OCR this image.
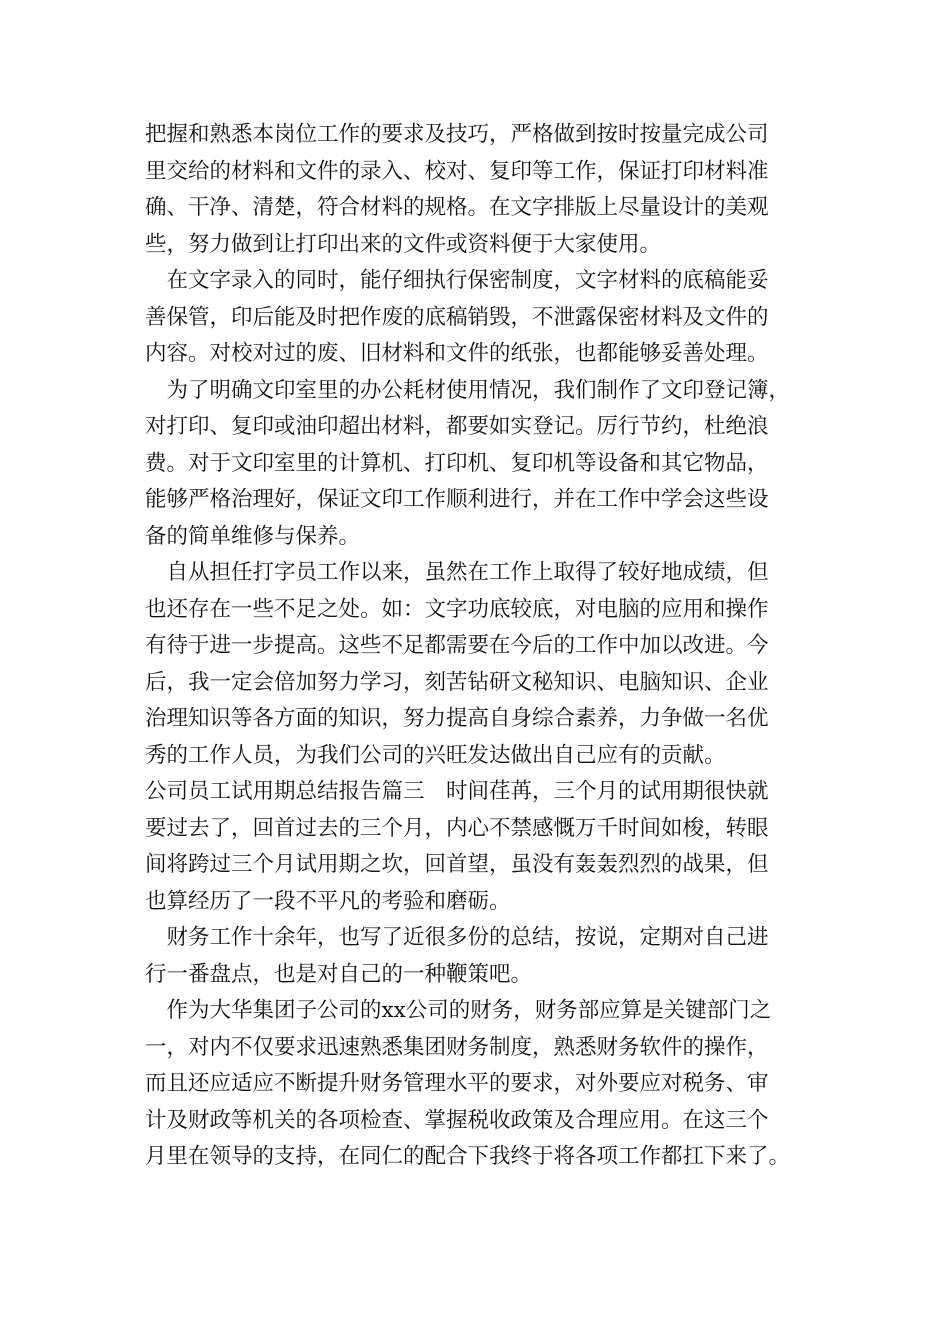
把握和熟悉本岗位工作的要求及技巧，严格做到按时按量完成公司
里交给的材料和文件的录入、校对、复印等工作，保证打印材料准
确、干净、清楚，符合材料的规格。在文字排版上尽量设计的美观
些，努力做到让打印出来的文件或资料便于大家使用。
　在文字录入的同时，能仔细执行保密制度，文字材料的底稿能妥
善保管，印后能及时把作废的底稿销毁，不泄露保密材料及文件的
内容。对校对过的废、旧材料和文件的纸张，也都能够妥善处理。
　为了明确文印室里的办公耗材使用情况，我们制作了文印登记簿，
对打印、复印或油印超出材料，都要如实登记。厉行节约，杜绝浪
费。对于文印室里的计算机、打印机、复印机等设备和其它物品，
能够严格治理好，保证文印工作顺利进行，并在工作中学会这些设
备的简单维修与保养。
　自从担任打字员工作以来，虽然在工作上取得了较好地成绩，但
也还存在一些不足之处。如：文字功底较底，对电脑的应用和操作
有待于进一步提高。这些不足都需要在今后的工作中加以改进。今
后，我一定会倍加努力学习，刻苦钻研文秘知识、电脑知识、企业
治理知识等各方面的知识，努力提高自身综合素养，力争做一名优
秀的工作人员，为我们公司的兴旺发达做出自己应有的贡献。
公司员工试用期总结报告篇三　时间荏苒，三个月的试用期很快就
要过去了，回首过去的三个月，内心不禁感慨万千时间如梭，转眼
间将跨过三个月试用期之坎，回首望，虽没有轰轰烈烈的战果，但
也算经历了一段不平凡的考验和磨砺。
　财务工作十余年，也写了近很多份的总结，按说，定期对自己进
行一番盘点，也是对自己的一种鞭策吧。
　作为大华集团子公司的xx公司的财务，财务部应算是关键部门之
一，对内不仅要求迅速熟悉集团财务制度，熟悉财务软件的操作，
而且还应适应不断提升财务管理水平的要求，对外要应对税务、审
计及财政等机关的各项检查、掌握税收政策及合理应用。在这三个
月里在领导的支持，在同仁的配合下我终于将各项工作都扛下来了。
